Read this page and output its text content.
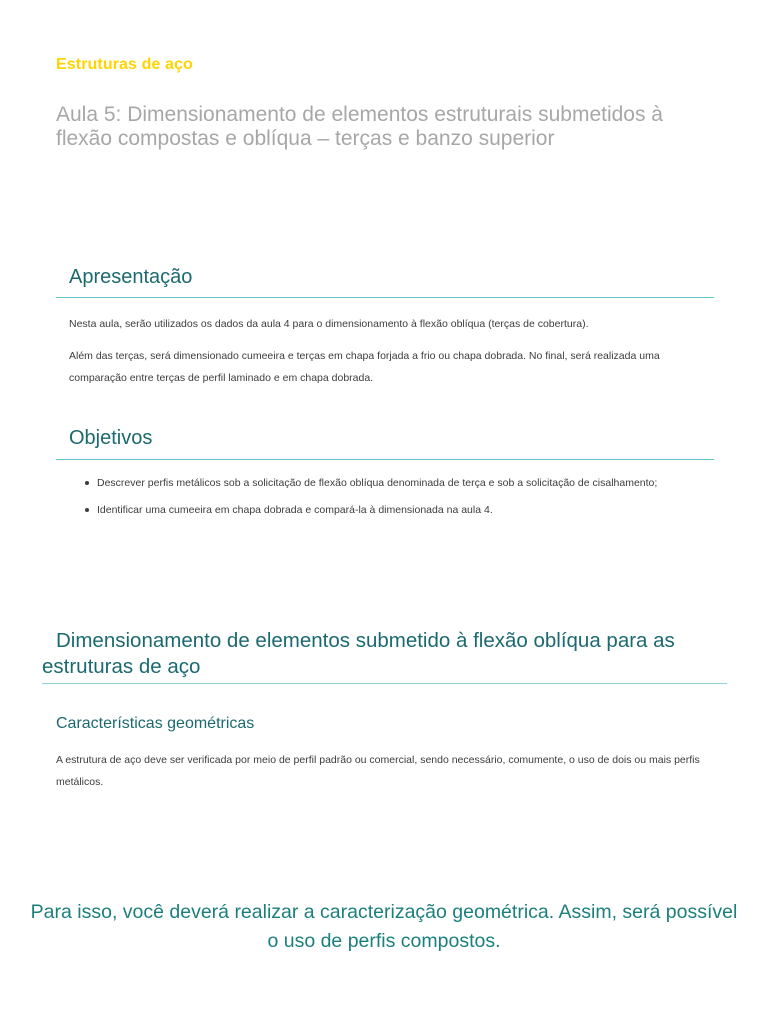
Estruturas de aço
Aula 5: Dimensionamento de elementos estruturais submetidos à flexão compostas e oblíqua – terças e banzo superior
Apresentação

Nesta aula, serão utilizados os dados da aula 4 para o dimensionamento à flexão oblíqua (terças de cobertura).

Além das terças, será dimensionado cumeeira e terças em chapa forjada a frio ou chapa dobrada. No final, será realizada uma comparação entre terças de perfil laminado e em chapa dobrada.

Objetivos
Descrever perfis metálicos sob a solicitação de flexão oblíqua denominada de terça e sob a solicitação de cisalhamento;
Identificar uma cumeeira em chapa dobrada e compará-la à dimensionada na aula 4.
Dimensionamento de elementos submetido à flexão oblíqua para as estruturas de aço
Características geométricas

A estrutura de aço deve ser verificada por meio de perfil padrão ou comercial, sendo necessário, comumente, o uso de dois ou mais perfis metálicos.

Para isso, você deverá realizar a caracterização geométrica. Assim, será possível o uso de perfis compostos.
